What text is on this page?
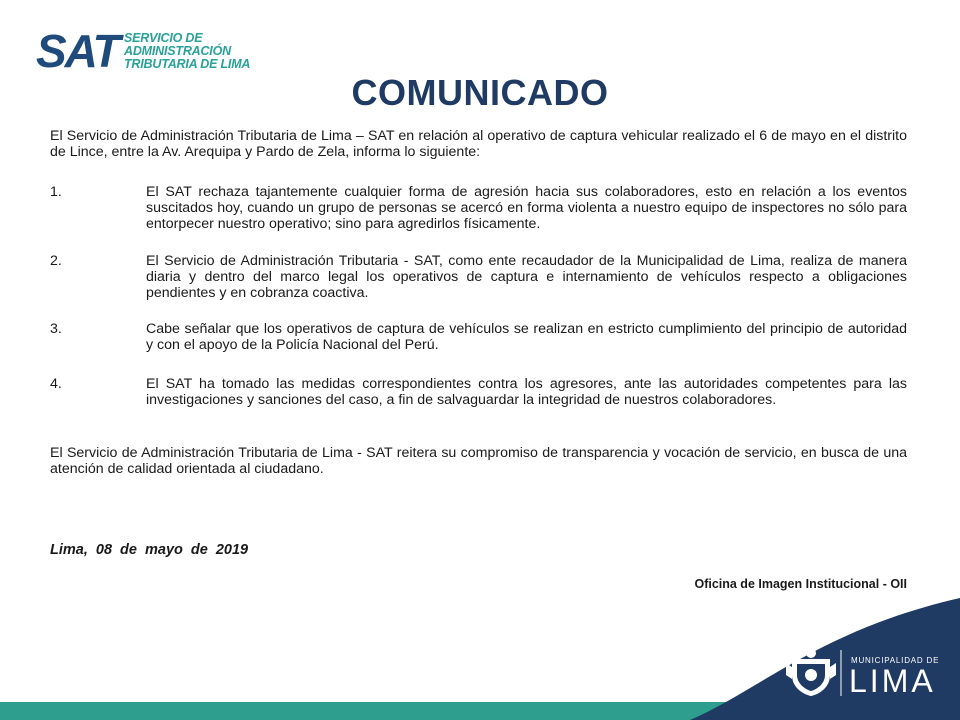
SAT SERVICIO DE
ADMINISTRACIÓN
TRIBUTARIA DE LIMA
COMUNICADO
El Servicio de Administración Tributaria de Lima – SAT en relación al operativo de captura vehicular realizado el 6 de mayo en el distrito de Lince, entre la Av. Arequipa y Pardo de Zela, informa lo siguiente:
1.	El SAT rechaza tajantemente cualquier forma de agresión hacia sus colaboradores, esto en relación a los eventos suscitados hoy, cuando un grupo de personas se acercó en forma violenta a nuestro equipo de inspectores no sólo para entorpecer nuestro operativo; sino para agredirlos físicamente.
2.	El Servicio de Administración Tributaria - SAT, como ente recaudador de la Municipalidad de Lima, realiza de manera diaria y dentro del marco legal los operativos de captura e internamiento de vehículos respecto a obligaciones pendientes y en cobranza coactiva.
3.	Cabe señalar que los operativos de captura de vehículos se realizan en estricto cumplimiento del principio de autoridad y con el apoyo de la Policía Nacional del Perú.
4.	El SAT ha tomado las medidas correspondientes contra los agresores, ante las autoridades competentes para las investigaciones y sanciones del caso, a fin de salvaguardar la integridad de nuestros colaboradores.
El Servicio de Administración Tributaria de Lima - SAT reitera su compromiso de transparencia y vocación de servicio, en busca de una atención de calidad orientada al ciudadano.
Lima, 08 de mayo de 2019
Oficina de Imagen Institucional - OII
MUNICIPALIDAD DE
LIMA
